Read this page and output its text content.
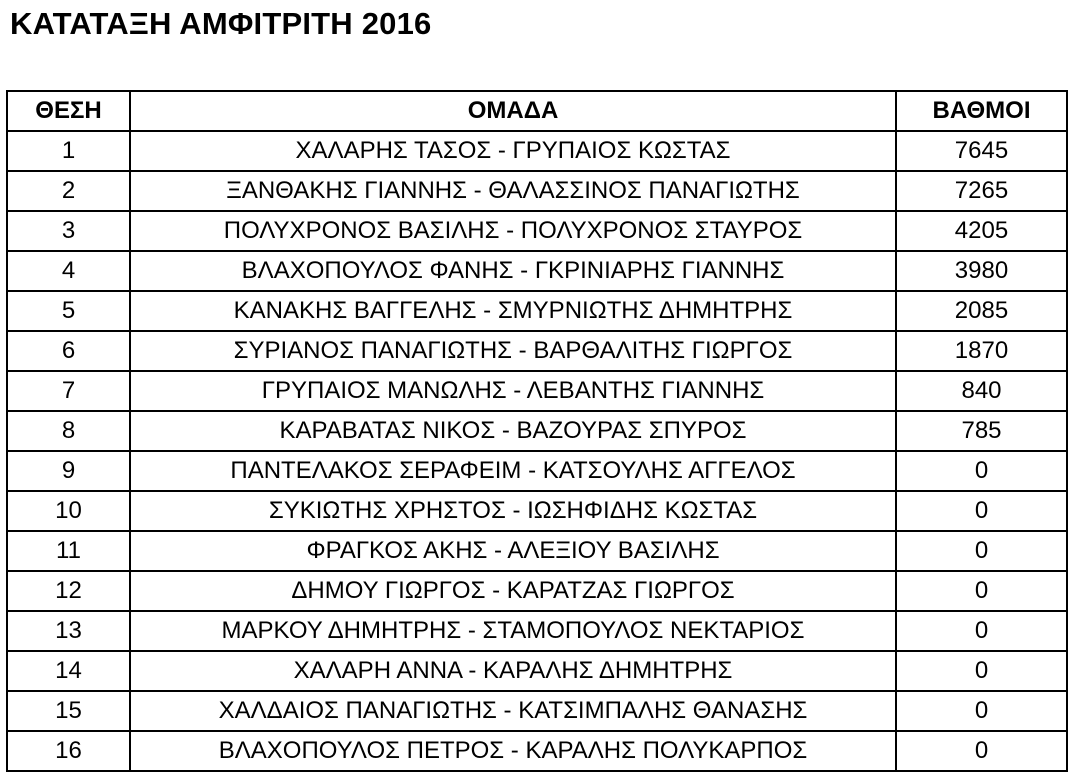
ΚΑΤΑΤΑΞΗ ΑΜΦΙΤΡΙΤΗ 2016
ΘΕΣΗ	ΟΜΑΔΑ	ΒΑΘΜΟΙ
1	ΧΑΛΑΡΗΣ ΤΑΣΟΣ - ΓΡΥΠΑΙΟΣ ΚΩΣΤΑΣ	7645
2	ΞΑΝΘΑΚΗΣ ΓΙΑΝΝΗΣ - ΘΑΛΑΣΣΙΝΟΣ ΠΑΝΑΓΙΩΤΗΣ	7265
3	ΠΟΛΥΧΡΟΝΟΣ ΒΑΣΙΛΗΣ - ΠΟΛΥΧΡΟΝΟΣ ΣΤΑΥΡΟΣ	4205
4	ΒΛΑΧΟΠΟΥΛΟΣ ΦΑΝΗΣ - ΓΚΡΙΝΙΑΡΗΣ ΓΙΑΝΝΗΣ	3980
5	ΚΑΝΑΚΗΣ ΒΑΓΓΕΛΗΣ - ΣΜΥΡΝΙΩΤΗΣ ΔΗΜΗΤΡΗΣ	2085
6	ΣΥΡΙΑΝΟΣ ΠΑΝΑΓΙΩΤΗΣ - ΒΑΡΘΑΛΙΤΗΣ ΓΙΩΡΓΟΣ	1870
7	ΓΡΥΠΑΙΟΣ ΜΑΝΩΛΗΣ - ΛΕΒΑΝΤΗΣ ΓΙΑΝΝΗΣ	840
8	ΚΑΡΑΒΑΤΑΣ ΝΙΚΟΣ - ΒΑΖΟΥΡΑΣ ΣΠΥΡΟΣ	785
9	ΠΑΝΤΕΛΑΚΟΣ ΣΕΡΑΦΕΙΜ - ΚΑΤΣΟΥΛΗΣ ΑΓΓΕΛΟΣ	0
10	ΣΥΚΙΩΤΗΣ ΧΡΗΣΤΟΣ - ΙΩΣΗΦΙΔΗΣ ΚΩΣΤΑΣ	0
11	ΦΡΑΓΚΟΣ ΑΚΗΣ - ΑΛΕΞΙΟΥ ΒΑΣΙΛΗΣ	0
12	ΔΗΜΟΥ ΓΙΩΡΓΟΣ - ΚΑΡΑΤΖΑΣ ΓΙΩΡΓΟΣ	0
13	ΜΑΡΚΟΥ ΔΗΜΗΤΡΗΣ - ΣΤΑΜΟΠΟΥΛΟΣ ΝΕΚΤΑΡΙΟΣ	0
14	ΧΑΛΑΡΗ ΑΝΝΑ - ΚΑΡΑΛΗΣ ΔΗΜΗΤΡΗΣ	0
15	ΧΑΛΔΑΙΟΣ ΠΑΝΑΓΙΩΤΗΣ - ΚΑΤΣΙΜΠΑΛΗΣ ΘΑΝΑΣΗΣ	0
16	ΒΛΑΧΟΠΟΥΛΟΣ ΠΕΤΡΟΣ - ΚΑΡΑΛΗΣ ΠΟΛΥΚΑΡΠΟΣ	0
